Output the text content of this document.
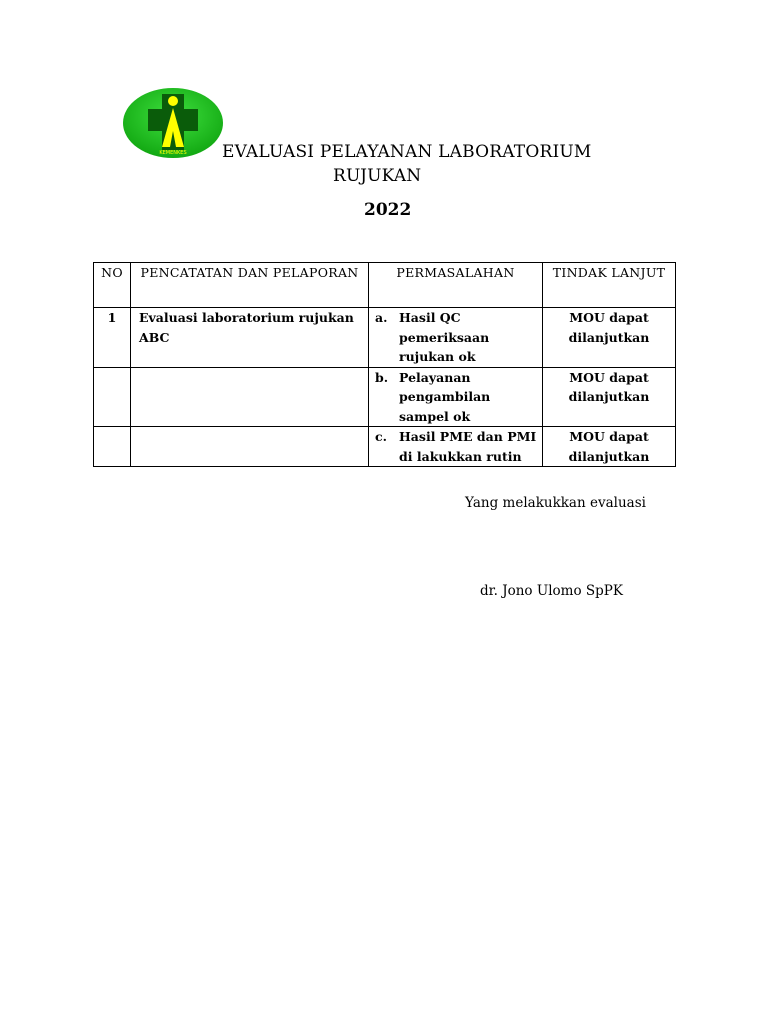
KEMENKES EVALUASI PELAYANAN LABORATORIUM
RUJUKAN
2022
NO	PENCATATAN DAN PELAPORAN	PERMASALAHAN	TINDAK LANJUT
1	Evaluasi laboratorium rujukan ABC	a. Hasil QC pemeriksaan rujukan ok	MOU dapat dilanjutkan

		b. Pelayanan pengambilan sampel ok	MOU dapat dilanjutkan

		c. Hasil PME dan PMI di lakukkan rutin	MOU dapat dilanjutkan
Yang melakukkan evaluasi
dr. Jono Ulomo SpPK
